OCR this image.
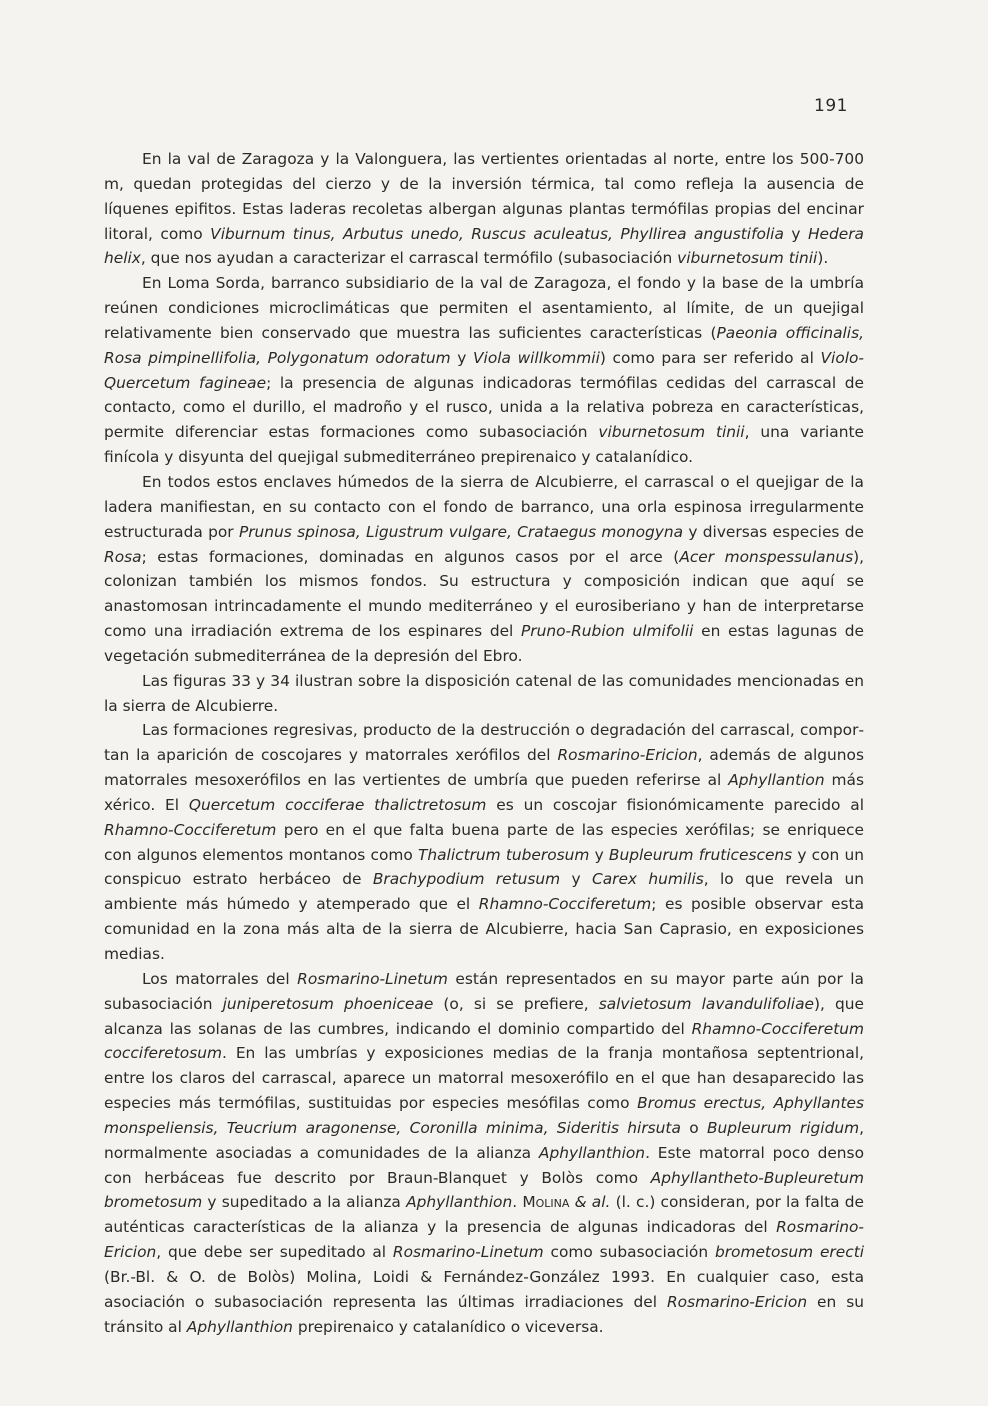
191

En la val de Zaragoza y la Valonguera, las vertientes orientadas al norte, entre los 500-700 m, quedan protegidas del cierzo y de la inversión térmica, tal como refleja la ausencia de líquenes epifitos. Estas laderas recoletas albergan algunas plantas termófilas propias del encinar litoral, como Viburnum tinus, Arbutus unedo, Ruscus aculeatus, Phyllirea angustifolia y Hedera helix, que nos ayudan a caracterizar el carrascal termófilo (subasociación viburnetosum tinii).

En Loma Sorda, barranco subsidiario de la val de Zaragoza, el fondo y la base de la umbría reúnen condiciones microclimáticas que permiten el asentamiento, al límite, de un quejigal relativamente bien conservado que muestra las suficientes características (Paeonia officinalis, Rosa pimpinellifolia, Polygonatum odoratum y Viola willkommii) como para ser referido al Violo-Quercetum fagineae; la presencia de algunas indicadoras termófilas cedidas del carrascal de contacto, como el durillo, el madroño y el rusco, unida a la relativa pobreza en características, permite diferenciar estas formaciones como subasociación viburnetosum tinii, una variante finícola y disyunta del quejigal submediterráneo prepirenaico y catalanídico.

En todos estos enclaves húmedos de la sierra de Alcubierre, el carrascal o el quejigar de la ladera manifiestan, en su contacto con el fondo de barranco, una orla espinosa irregularmente estructurada por Prunus spinosa, Ligustrum vulgare, Crataegus monogyna y diversas especies de Rosa; estas formaciones, dominadas en algunos casos por el arce (Acer monspessulanus), colonizan también los mismos fondos. Su estructura y composición indican que aquí se anastomosan intrincadamente el mundo mediterráneo y el eurosiberiano y han de interpretarse como una irradiación extrema de los espinares del Pruno-Rubion ulmifolii en estas lagunas de vegetación submediterránea de la depresión del Ebro.

Las figuras 33 y 34 ilustran sobre la disposición catenal de las comunidades mencionadas en la sierra de Alcubierre.

Las formaciones regresivas, producto de la destrucción o degradación del carrascal, comportan la aparición de coscojares y matorrales xerófilos del Rosmarino-Ericion, además de algunos matorrales mesoxerófilos en las vertientes de umbría que pueden referirse al Aphyllantion más xérico. El Quercetum cocciferae thalictretosum es un coscojar fisionómicamente parecido al Rhamno-Cocciferetum pero en el que falta buena parte de las especies xerófilas; se enriquece con algunos elementos montanos como Thalictrum tuberosum y Bupleurum fruticescens y con un conspicuo estrato herbáceo de Brachypodium retusum y Carex humilis, lo que revela un ambiente más húmedo y atemperado que el Rhamno-Cocciferetum; es posible observar esta comunidad en la zona más alta de la sierra de Alcubierre, hacia San Caprasio, en exposiciones medias.

Los matorrales del Rosmarino-Linetum están representados en su mayor parte aún por la subasociación juniperetosum phoeniceae (o, si se prefiere, salvietosum lavandulifoliae), que alcanza las solanas de las cumbres, indicando el dominio compartido del Rhamno-Cocciferetum cocciferetosum. En las umbrías y exposiciones medias de la franja montañosa septentrional, entre los claros del carrascal, aparece un matorral mesoxerófilo en el que han desaparecido las especies más termófilas, sustituidas por especies mesófilas como Bromus erectus, Aphyllantes monspeliensis, Teucrium aragonense, Coronilla minima, Sideritis hirsuta o Bupleurum rigidum, normalmente asociadas a comunidades de la alianza Aphyllanthion. Este matorral poco denso con herbáceas fue descrito por Braun-Blanquet y Bolòs como Aphyllantheto-Bupleuretum brometosum y supeditado a la alianza Aphyllanthion. Molina & al. (l. c.) consideran, por la falta de auténticas características de la alianza y la presencia de algunas indicadoras del Rosmarino-Ericion, que debe ser supeditado al Rosmarino-Linetum como subasociación brometosum erecti (Br.-Bl. & O. de Bolòs) Molina, Loidi & Fernández-González 1993. En cualquier caso, esta asociación o subasociación representa las últimas irradiaciones del Rosmarino-Ericion en su tránsito al Aphyllanthion prepirenaico y catalanídico o viceversa.
